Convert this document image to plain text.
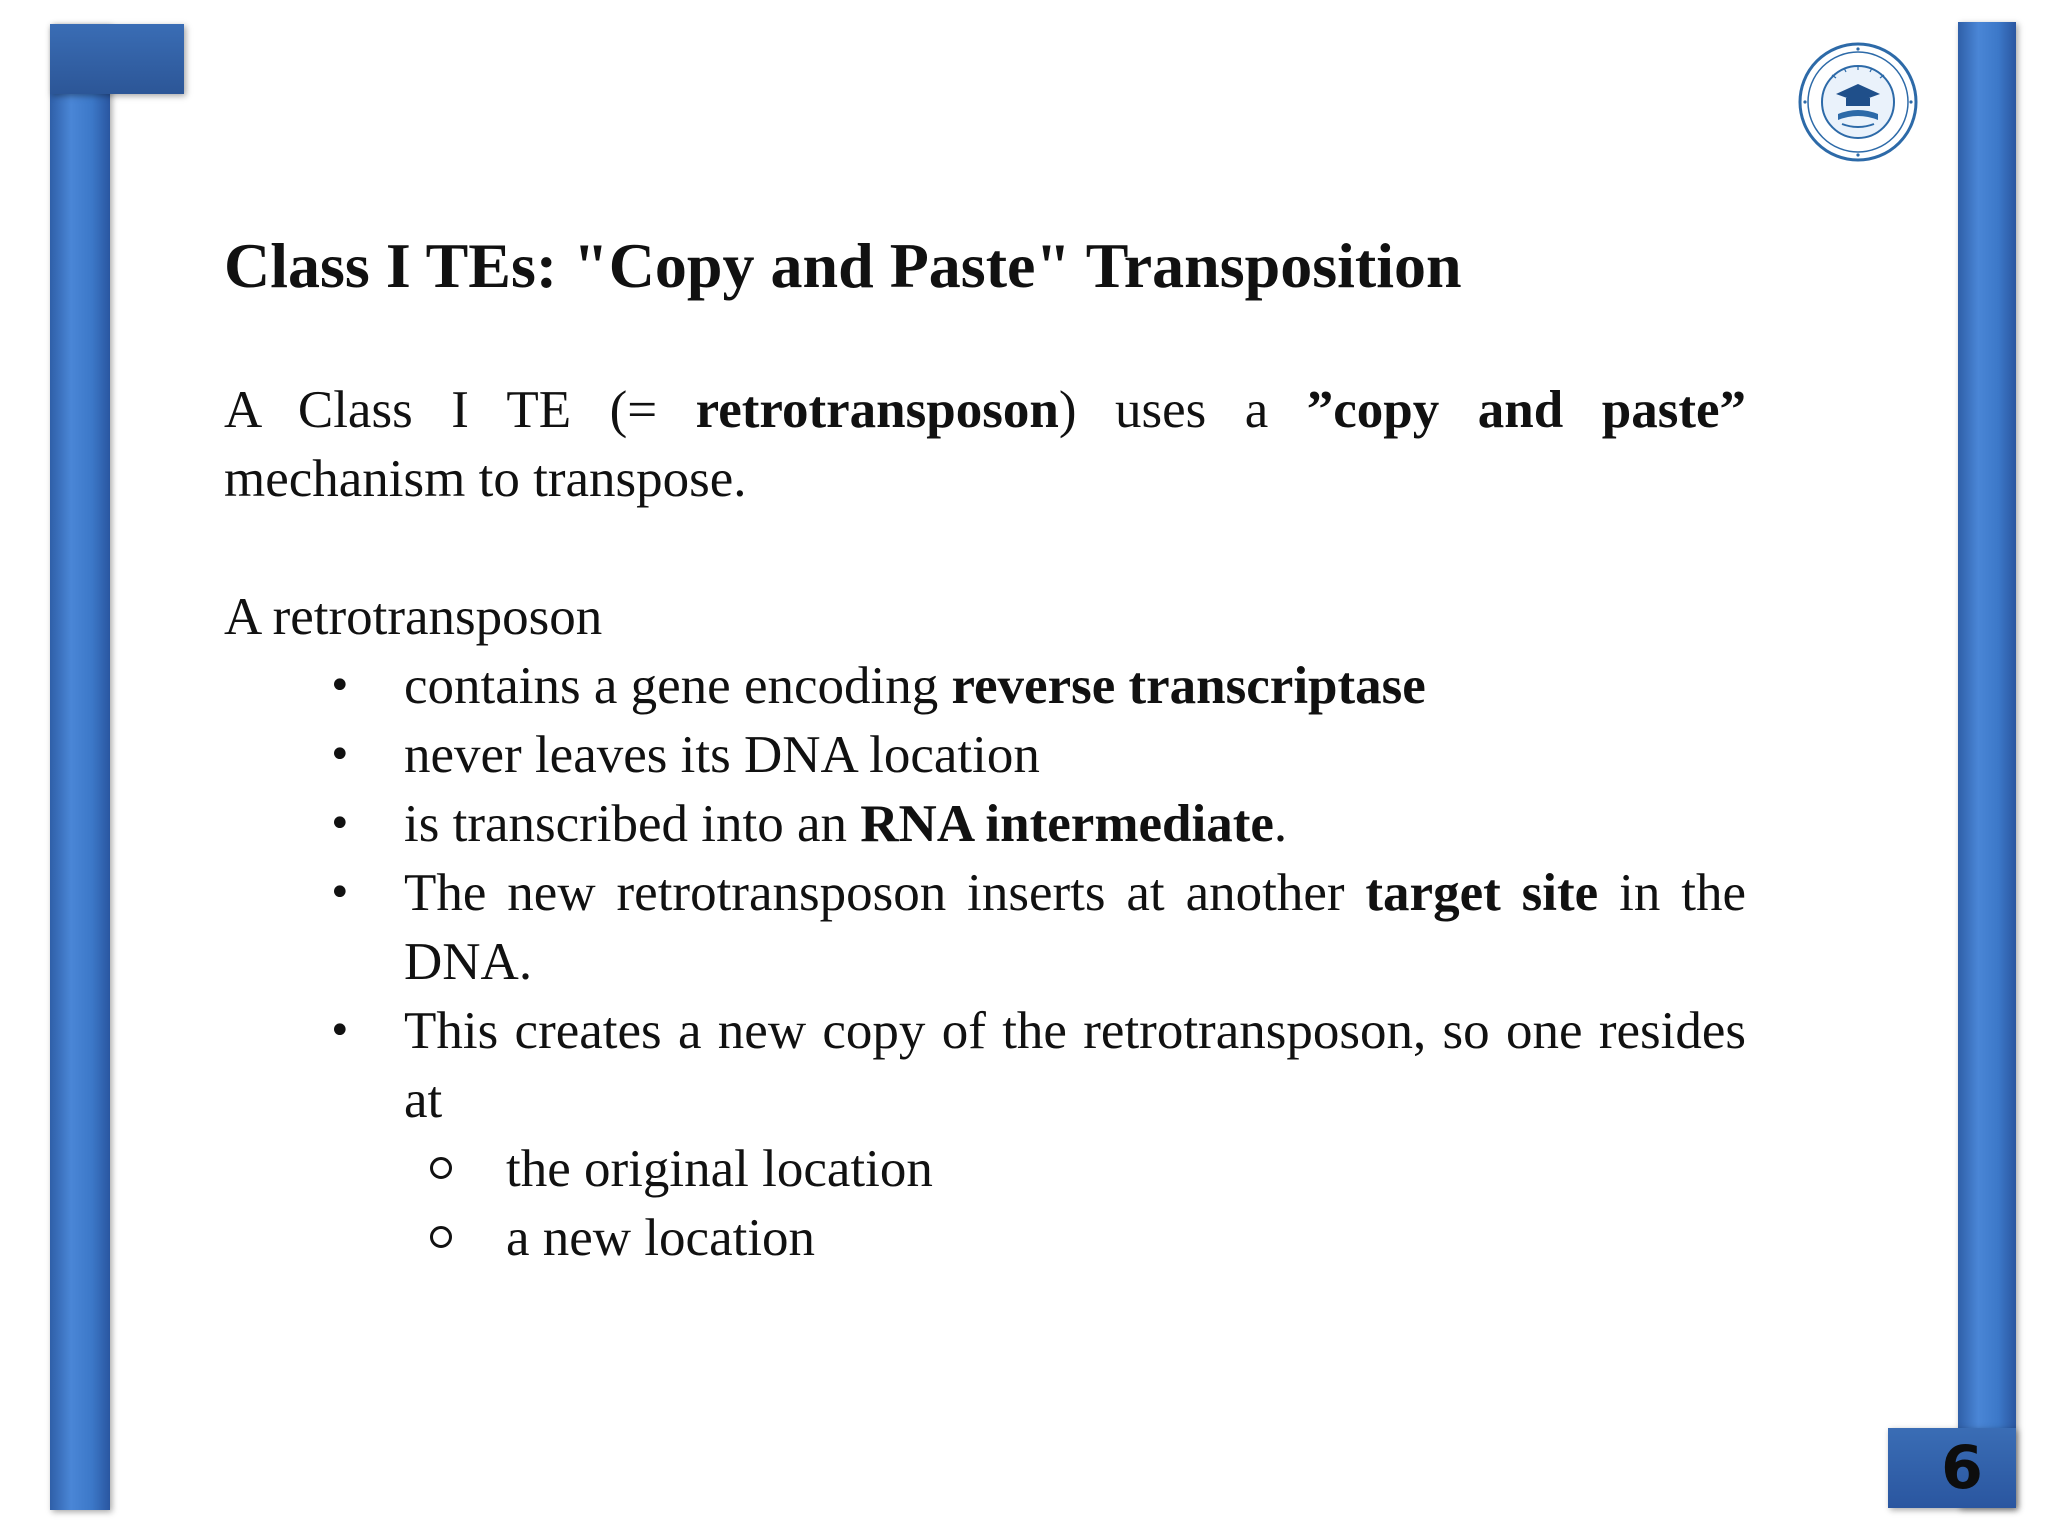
Class I TEs: "Copy and Paste" Transposition

A Class I TE (= retrotransposon) uses a ”copy and paste” mechanism to transpose.

A retrotransposon

• contains a gene encoding reverse transcriptase
• never leaves its DNA location
• is transcribed into an RNA intermediate.
• The new retrotransposon inserts at another target site in the DNA.
• This creates a new copy of the retrotransposon, so one resides at
the original location
a new location
6
